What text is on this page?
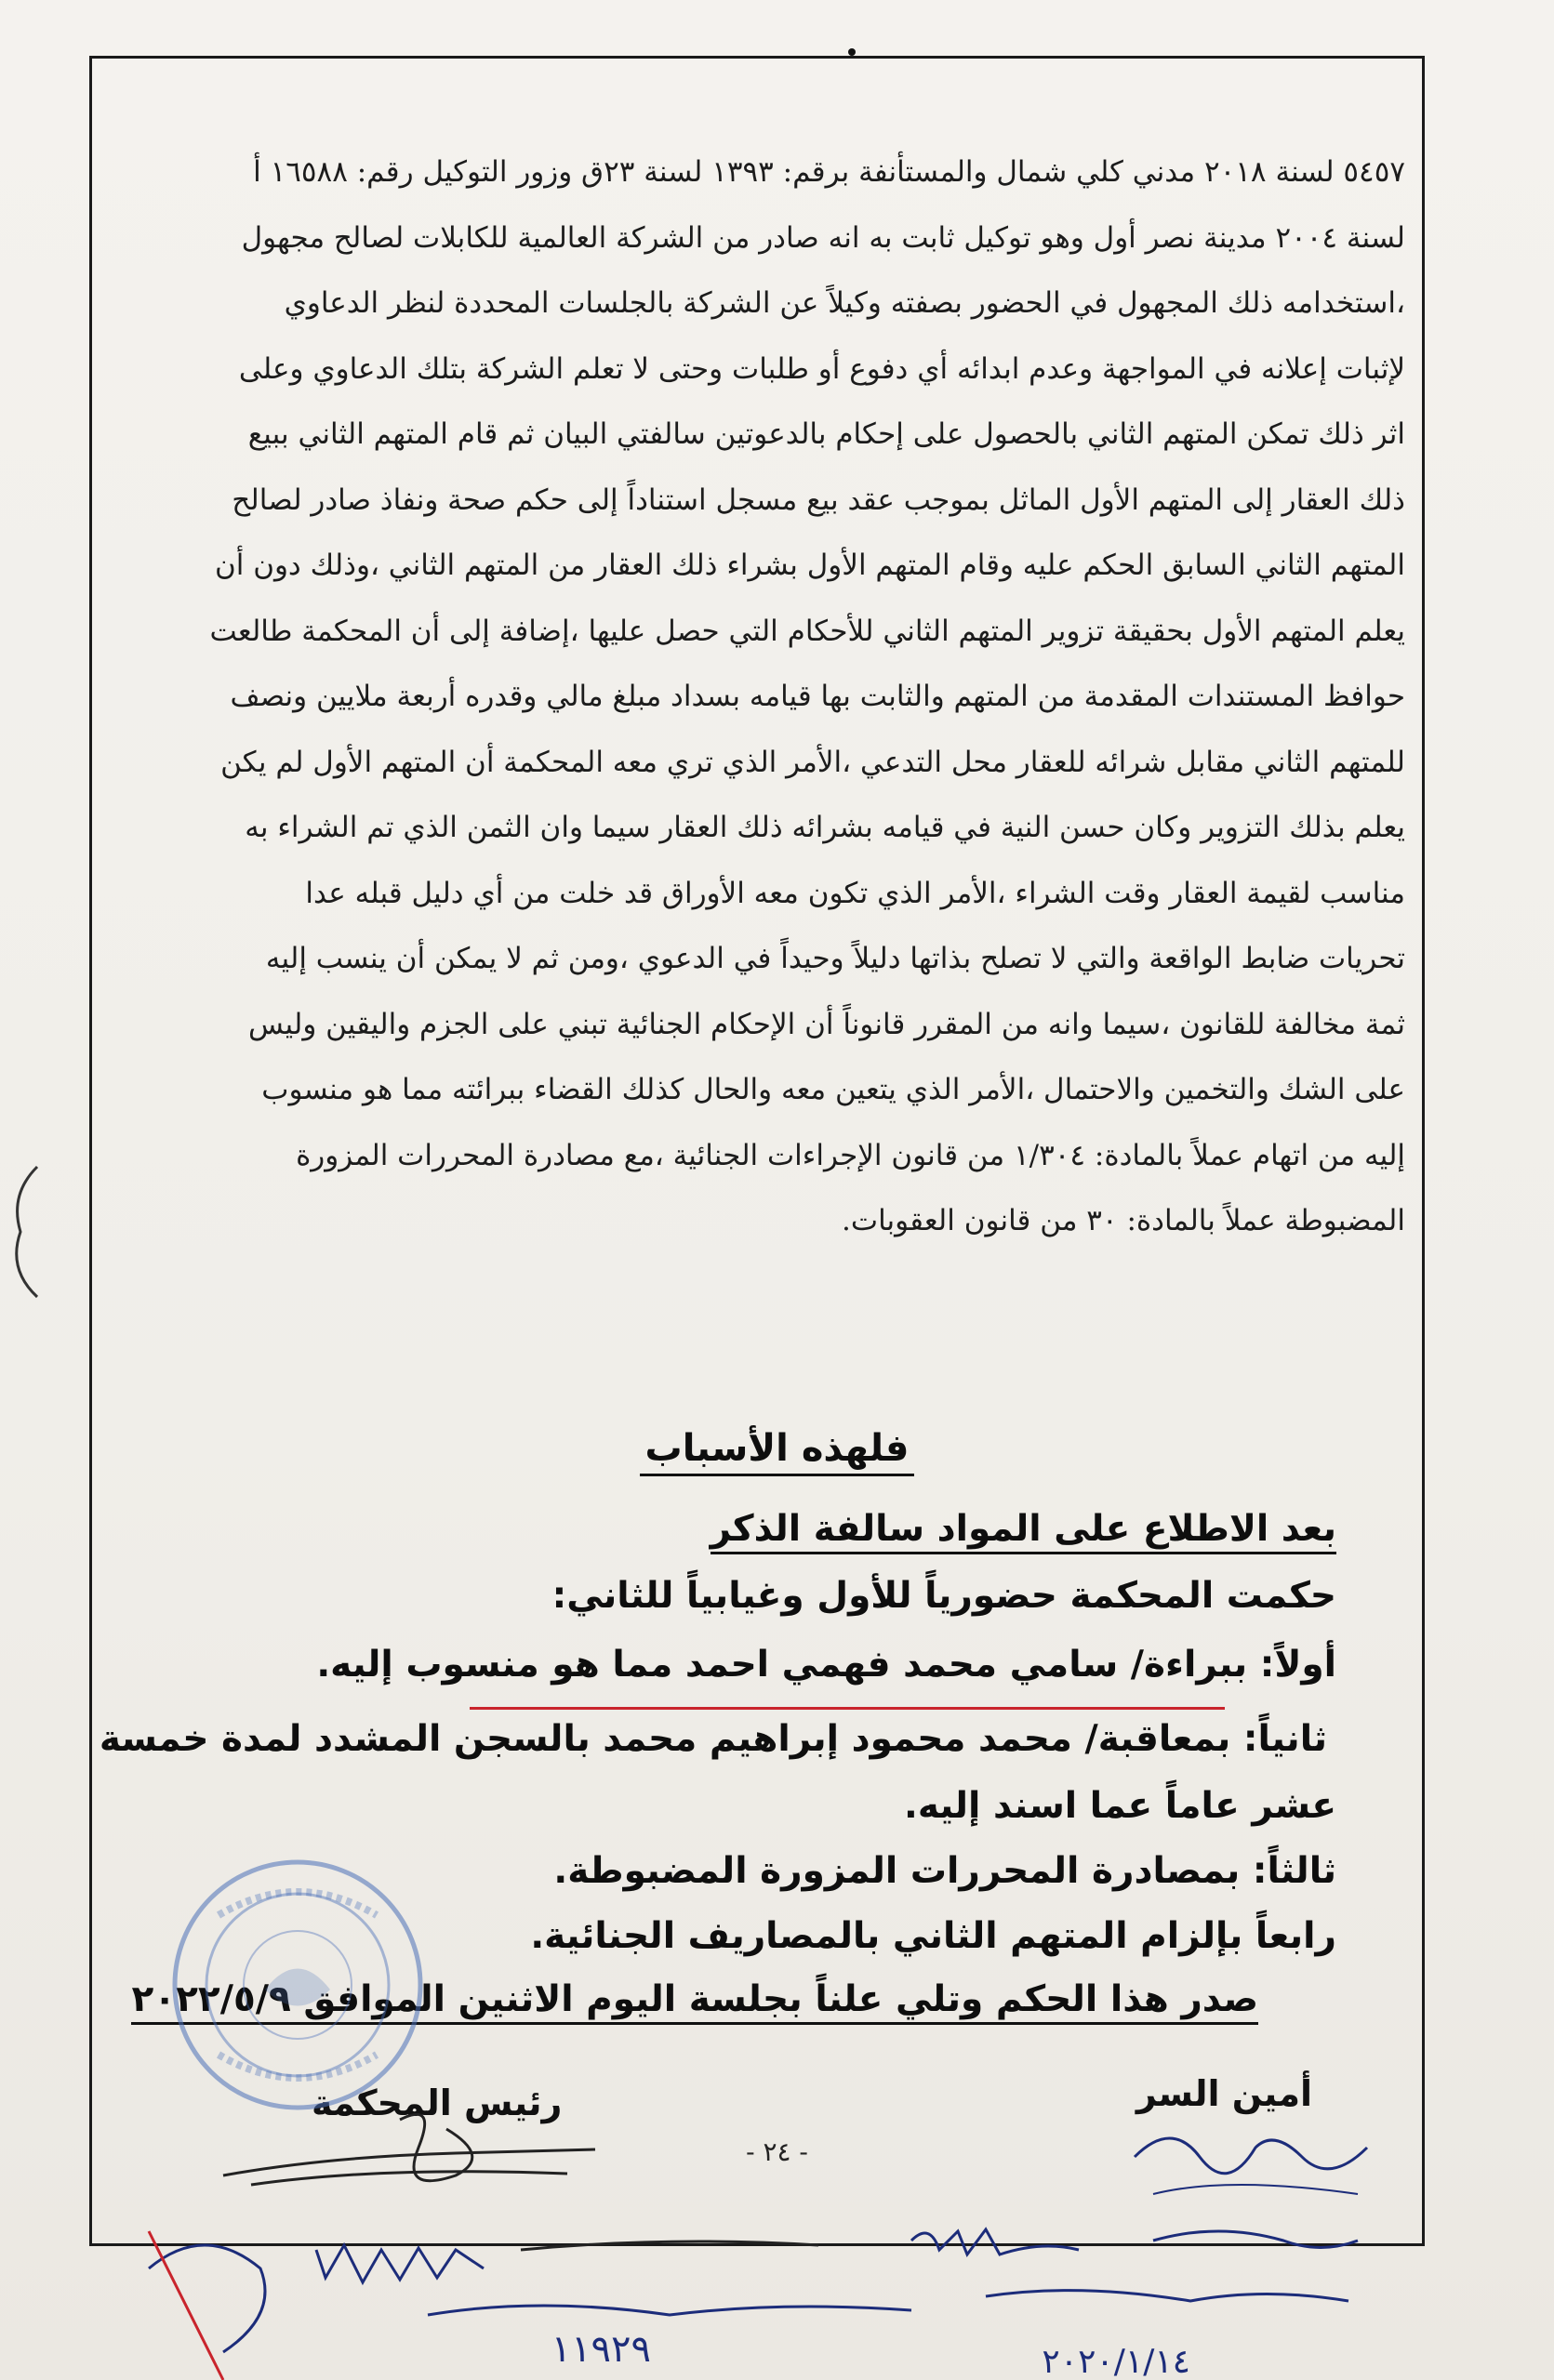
٥٤٥٧ لسنة ٢٠١٨ مدني كلي شمال والمستأنفة برقم: ١٣٩٣ لسنة ٢٣ق وزور التوكيل رقم: ١٦٥٨٨ أ
لسنة ٢٠٠٤ مدينة نصر أول وهو توكيل ثابت به انه صادر من الشركة العالمية للكابلات لصالح مجهول
،استخدامه ذلك المجهول في الحضور بصفته وكيلاً عن الشركة بالجلسات المحددة لنظر الدعاوي
لإثبات إعلانه في المواجهة وعدم ابدائه أي دفوع أو طلبات وحتى لا تعلم الشركة بتلك الدعاوي وعلى
اثر ذلك تمكن المتهم الثاني بالحصول على إحكام بالدعوتين سالفتي البيان ثم قام المتهم الثاني ببيع
ذلك العقار إلى المتهم الأول الماثل بموجب عقد بيع مسجل استناداً إلى حكم صحة ونفاذ صادر لصالح
المتهم الثاني السابق الحكم عليه وقام المتهم الأول بشراء ذلك العقار من المتهم الثاني ،وذلك دون أن
يعلم المتهم الأول بحقيقة تزوير المتهم الثاني للأحكام التي حصل عليها ،إضافة إلى أن المحكمة طالعت
حوافظ المستندات المقدمة من المتهم والثابت بها قيامه بسداد مبلغ مالي وقدره أربعة ملايين ونصف
للمتهم الثاني مقابل شرائه للعقار محل التدعي ،الأمر الذي تري معه المحكمة أن المتهم الأول لم يكن
يعلم بذلك التزوير وكان حسن النية في قيامه بشرائه ذلك العقار سيما وان الثمن الذي تم الشراء به
مناسب لقيمة العقار وقت الشراء ،الأمر الذي تكون معه الأوراق قد خلت من أي دليل قبله عدا
تحريات ضابط الواقعة والتي لا تصلح بذاتها دليلاً وحيداً في الدعوي ،ومن ثم لا يمكن أن ينسب إليه
ثمة مخالفة للقانون ،سيما وانه من المقرر قانوناً أن الإحكام الجنائية تبني على الجزم واليقين وليس
على الشك والتخمين والاحتمال ،الأمر الذي يتعين معه والحال كذلك القضاء ببرائته مما هو منسوب
إليه من اتهام عملاً بالمادة: ١/٣٠٤ من قانون الإجراءات الجنائية ،مع مصادرة المحررات المزورة
المضبوطة عملاً بالمادة: ٣٠ من قانون العقوبات.
فلهذه الأسباب
بعد الاطلاع على المواد سالفة الذكر
حكمت المحكمة حضورياً للأول وغيابياً للثاني:
أولاً: ببراءة/ سامي محمد فهمي احمد مما هو منسوب إليه.
ثانياً: بمعاقبة/ محمد محمود إبراهيم محمد بالسجن المشدد لمدة خمسة
عشر عاماً عما اسند إليه.
ثالثاً: بمصادرة المحررات المزورة المضبوطة.
رابعاً بإلزام المتهم الثاني بالمصاريف الجنائية.
صدر هذا الحكم وتلي علناً بجلسة اليوم الاثنين الموافق ٢٠٢٢/٥/٩
أمين السر
رئيس المحكمة
- ٢٤ -
١١٩٢٩	٢٠٢٠/١/١٤
